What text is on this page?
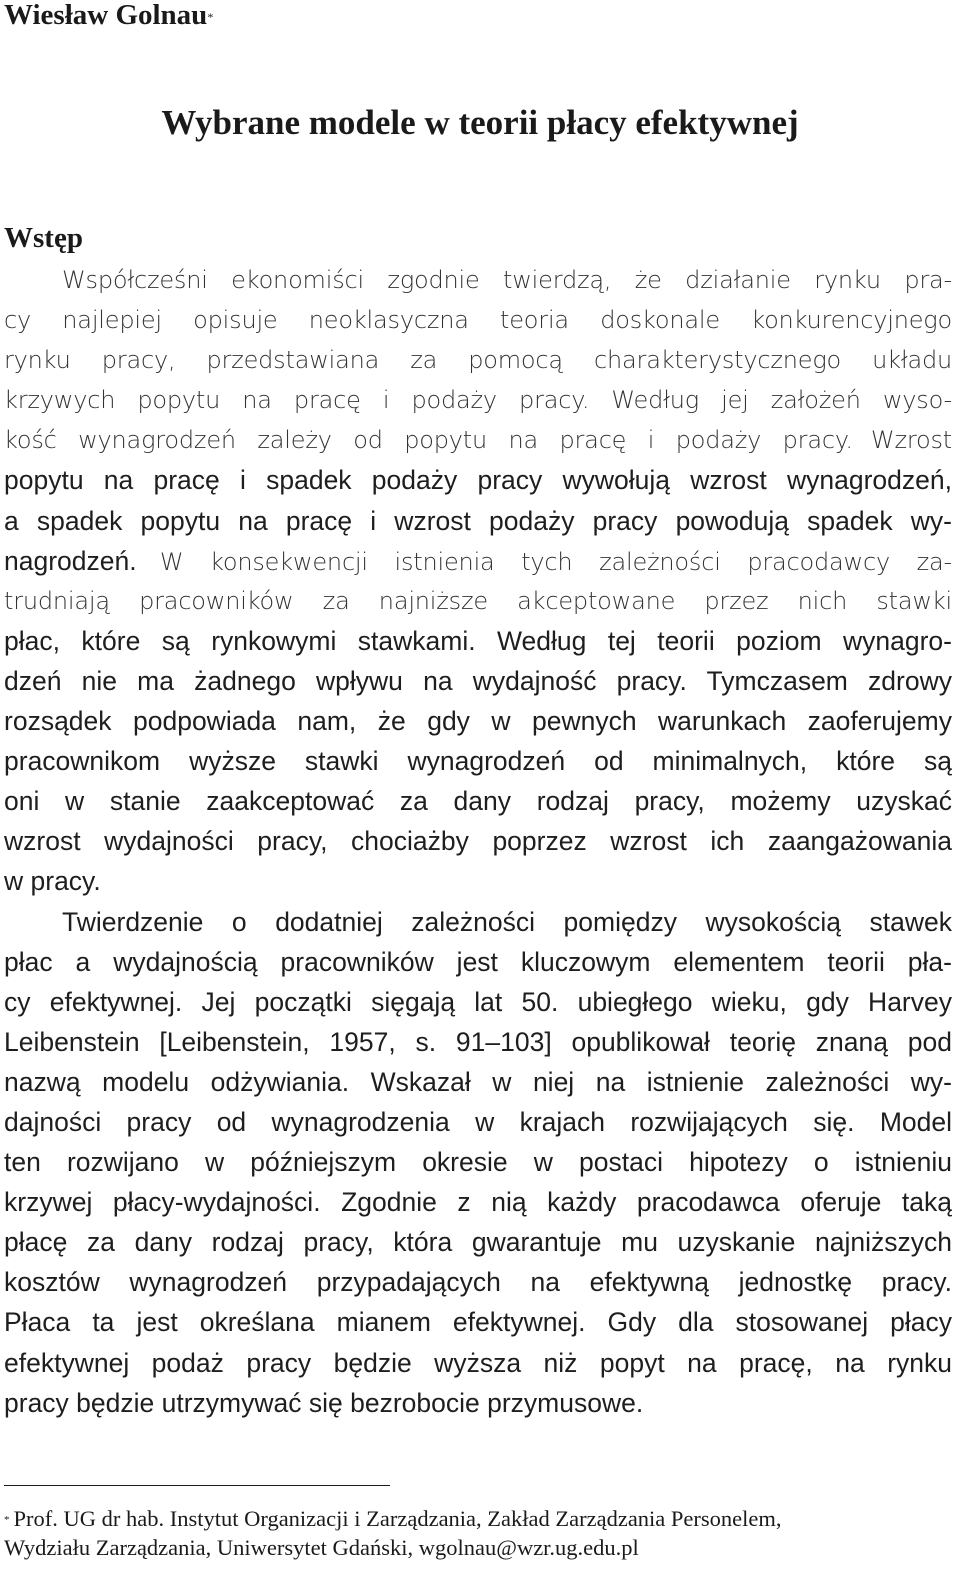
Wiesław Golnau*
Wybrane modele w teorii płacy efektywnej
Wstęp
Współcześni ekonomiści zgodnie twierdzą, że działanie rynku pra-
cy najlepiej opisuje neoklasyczna teoria doskonale konkurencyjnego
rynku pracy, przedstawiana za pomocą charakterystycznego układu
krzywych popytu na pracę i podaży pracy. Według jej założeń wyso-
kość wynagrodzeń zależy od popytu na pracę i podaży pracy. Wzrost
popytu na pracę i spadek podaży pracy wywołują wzrost wynagrodzeń,
a spadek popytu na pracę i wzrost podaży pracy powodują spadek wy-
nagrodzeń. W konsekwencji istnienia tych zależności pracodawcy za-
trudniają pracowników za najniższe akceptowane przez nich stawki
płac, które są rynkowymi stawkami. Według tej teorii poziom wynagro-
dzeń nie ma żadnego wpływu na wydajność pracy. Tymczasem zdrowy
rozsądek podpowiada nam, że gdy w pewnych warunkach zaoferujemy
pracownikom wyższe stawki wynagrodzeń od minimalnych, które są
oni w stanie zaakceptować za dany rodzaj pracy, możemy uzyskać
wzrost wydajności pracy, chociażby poprzez wzrost ich zaangażowania
w pracy.
Twierdzenie o dodatniej zależności pomiędzy wysokością stawek
płac a wydajnością pracowników jest kluczowym elementem teorii pła-
cy efektywnej. Jej początki sięgają lat 50. ubiegłego wieku, gdy Harvey
Leibenstein [Leibenstein, 1957, s. 91–103] opublikował teorię znaną pod
nazwą modelu odżywiania. Wskazał w niej na istnienie zależności wy-
dajności pracy od wynagrodzenia w krajach rozwijających się. Model
ten rozwijano w późniejszym okresie w postaci hipotezy o istnieniu
krzywej płacy-wydajności. Zgodnie z nią każdy pracodawca oferuje taką
płacę za dany rodzaj pracy, która gwarantuje mu uzyskanie najniższych
kosztów wynagrodzeń przypadających na efektywną jednostkę pracy.
Płaca ta jest określana mianem efektywnej. Gdy dla stosowanej płacy
efektywnej podaż pracy będzie wyższa niż popyt na pracę, na rynku
pracy będzie utrzymywać się bezrobocie przymusowe.
* Prof. UG dr hab. Instytut Organizacji i Zarządzania, Zakład Zarządzania Personelem,
Wydziału Zarządzania, Uniwersytet Gdański, wgolnau@wzr.ug.edu.pl
